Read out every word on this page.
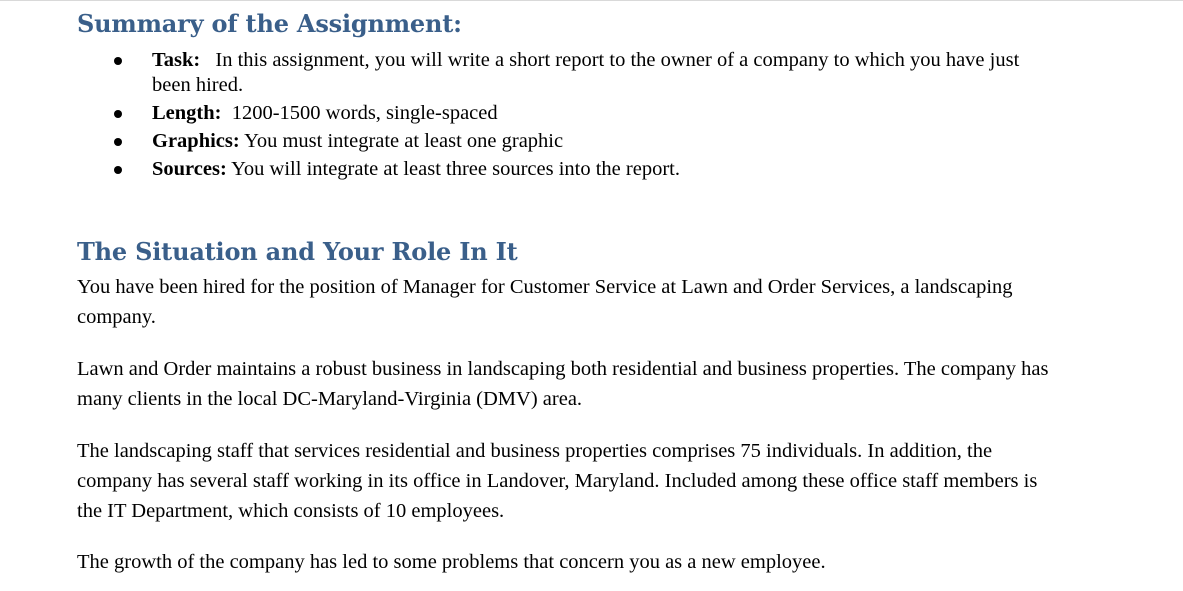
Summary of the Assignment:
Task: In this assignment, you will write a short report to the owner of a company to which you have just been hired.
Length: 1200-1500 words, single-spaced
Graphics: You must integrate at least one graphic
Sources: You will integrate at least three sources into the report.
The Situation and Your Role In It

You have been hired for the position of Manager for Customer Service at Lawn and Order Services, a landscaping company.

Lawn and Order maintains a robust business in landscaping both residential and business properties. The company has many clients in the local DC-Maryland-Virginia (DMV) area.

The landscaping staff that services residential and business properties comprises 75 individuals. In addition, the company has several staff working in its office in Landover, Maryland. Included among these office staff members is the IT Department, which consists of 10 employees.

The growth of the company has led to some problems that concern you as a new employee.
